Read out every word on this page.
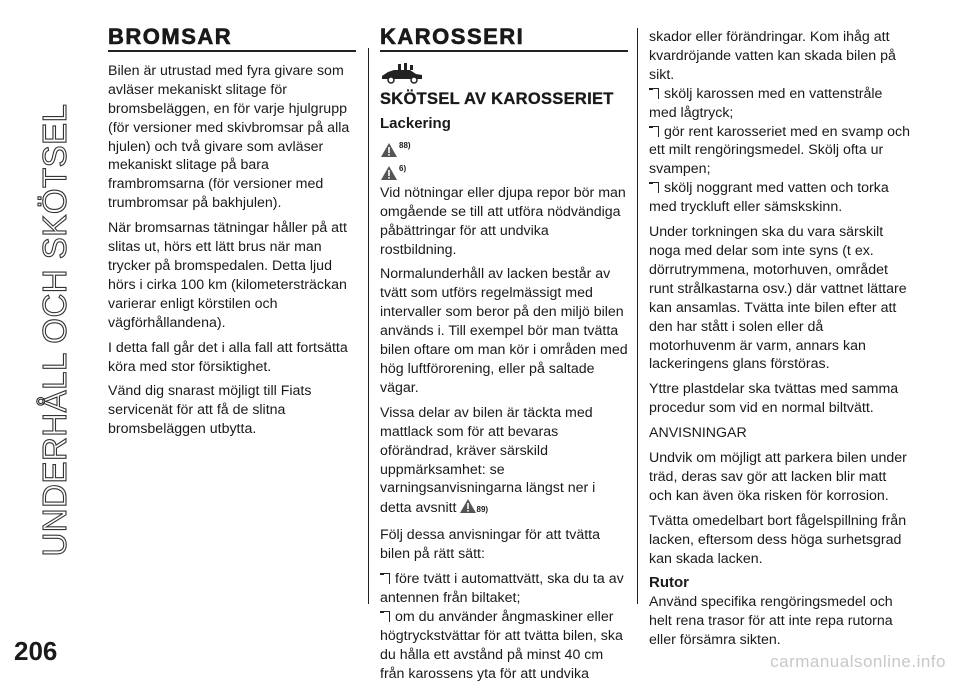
UNDERHÅLL OCH SKÖTSEL
BROMSAR

Bilen är utrustad med fyra givare som avläser mekaniskt slitage för bromsbeläggen, en för varje hjulgrupp (för versioner med skivbromsar på alla hjulen) och två givare som avläser mekaniskt slitage på bara frambromsarna (för versioner med trumbromsar på bakhjulen).

När bromsarnas tätningar håller på att slitas ut, hörs ett lätt brus när man trycker på bromspedalen. Detta ljud hörs i cirka 100 km (kilometersträckan varierar enligt körstilen och vägförhållandena).

I detta fall går det i alla fall att fortsätta köra med stor försiktighet.

Vänd dig snarast möjligt till Fiats servicenät för att få de slitna bromsbeläggen utbytta.

KAROSSERI
SKÖTSEL AV KAROSSERIET
Lackering
88)
6)

Vid nötningar eller djupa repor bör man omgående se till att utföra nödvändiga påbättringar för att undvika rostbildning.

Normalunderhåll av lacken består av tvätt som utförs regelmässigt med intervaller som beror på den miljö bilen används i. Till exempel bör man tvätta bilen oftare om man kör i områden med hög luftförorening, eller på saltade vägar.

Vissa delar av bilen är täckta med mattlack som för att bevaras oförändrad, kräver särskild uppmärksamhet: se varningsanvisningarna längst ner i detta avsnitt	89)

Följ dessa anvisningar för att tvätta bilen på rätt sätt:

före tvätt i automattvätt, ska du ta av antennen från biltaket;

om du använder ångmaskiner eller högtryckstvättar för att tvätta bilen, ska du hålla ett avstånd på minst 40 cm från karossens yta för att undvika

skador eller förändringar. Kom ihåg att kvardröjande vatten kan skada bilen på sikt.

skölj karossen med en vattenstråle med lågtryck;

gör rent karosseriet med en svamp och ett milt rengöringsmedel. Skölj ofta ur svampen;

skölj noggrant med vatten och torka med tryckluft eller sämskskinn.

Under torkningen ska du vara särskilt noga med delar som inte syns (t ex. dörrutrymmena, motorhuven, området runt strålkastarna osv.) där vattnet lättare kan ansamlas. Tvätta inte bilen efter att den har stått i solen eller då motorhuvenm är varm, annars kan lackeringens glans förstöras.

Yttre plastdelar ska tvättas med samma procedur som vid en normal biltvätt.

ANVISNINGAR

Undvik om möjligt att parkera bilen under träd, deras sav gör att lacken blir matt och kan även öka risken för korrosion.

Tvätta omedelbart bort fågelspillning från lacken, eftersom dess höga surhetsgrad kan skada lacken.

Rutor

Använd specifika rengöringsmedel och helt rena trasor för att inte repa rutorna eller försämra sikten.

206	carmanualsonline.info
